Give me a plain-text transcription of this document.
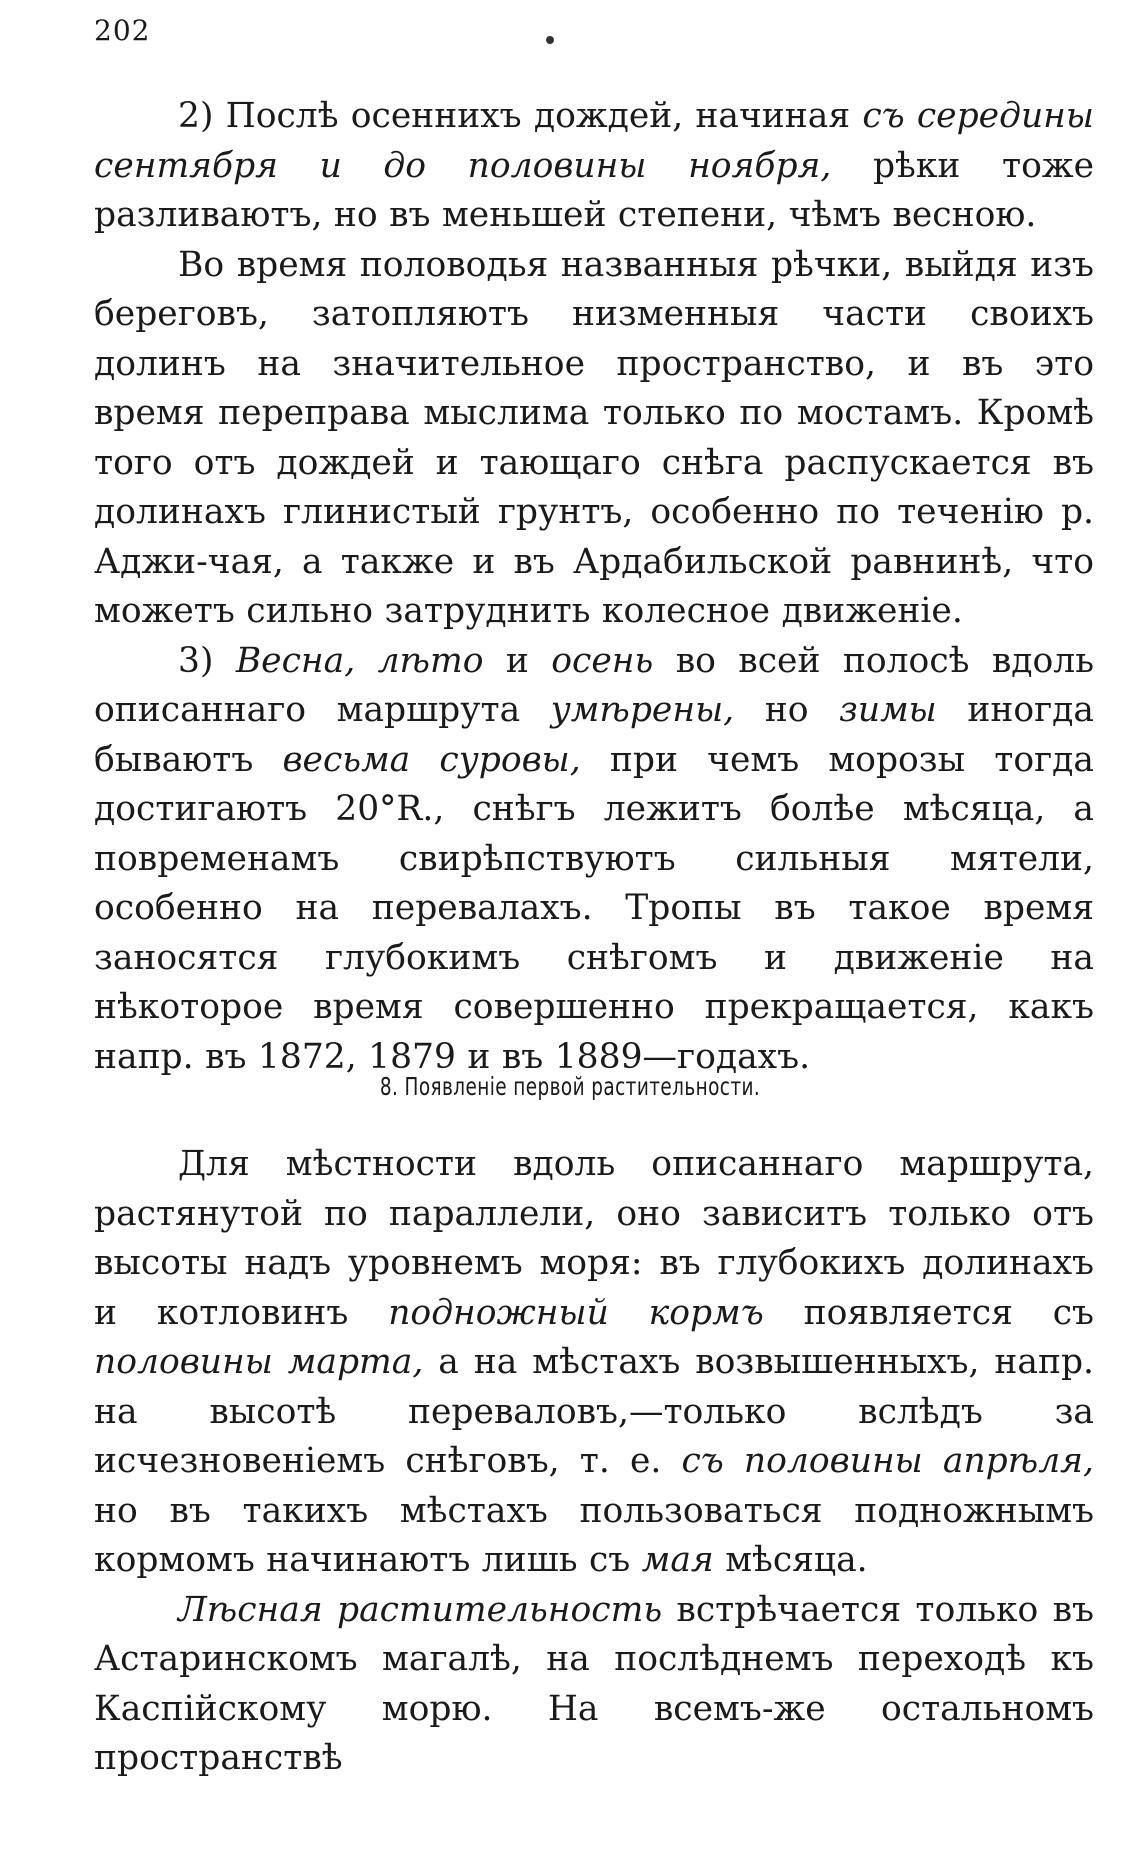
202

2) Послѣ осеннихъ дождей, начиная съ середины сентября и до половины ноября, рѣки тоже разливаютъ, но въ меньшей степени, чѣмъ весною.

Во время половодья названныя рѣчки, выйдя изъ береговъ, затопляютъ низменныя части своихъ долинъ на значительное пространство, и въ это время переправа мыслима только по мостамъ. Кромѣ того отъ дождей и тающаго снѣга распускается въ долинахъ глинистый грунтъ, особенно по теченію р. Аджи-чая, а также и въ Ардабильской равнинѣ, что можетъ сильно затруднить колесное движеніе.

3) Весна, лѣто и осень во всей полосѣ вдоль описаннаго маршрута умѣрены, но зимы иногда бываютъ весьма суровы, при чемъ морозы тогда достигаютъ 20°R., снѣгъ лежитъ болѣе мѣсяца, а повременамъ свирѣпствуютъ сильныя мятели, особенно на перевалахъ. Тропы въ такое время заносятся глубокимъ снѣгомъ и движеніе на нѣкоторое время совершенно прекращается, какъ напр. въ 1872, 1879 и въ 1889—годахъ.

8. Появленіе первой растительности.

Для мѣстности вдоль описаннаго маршрута, растянутой по параллели, оно зависитъ только отъ высоты надъ уровнемъ моря: въ глубокихъ долинахъ и котловинъ подножный кормъ появляется съ половины марта, а на мѣстахъ возвышенныхъ, напр. на высотѣ переваловъ,—только вслѣдъ за исчезновеніемъ снѣговъ, т. е. съ половины апрѣля, но въ такихъ мѣстахъ пользоваться подножнымъ кормомъ начинаютъ лишь съ мая мѣсяца.

Лѣсная растительность встрѣчается только въ Астаринскомъ магалѣ, на послѣднемъ переходѣ къ Каспійскому морю. На всемъ-же остальномъ пространствѣ
